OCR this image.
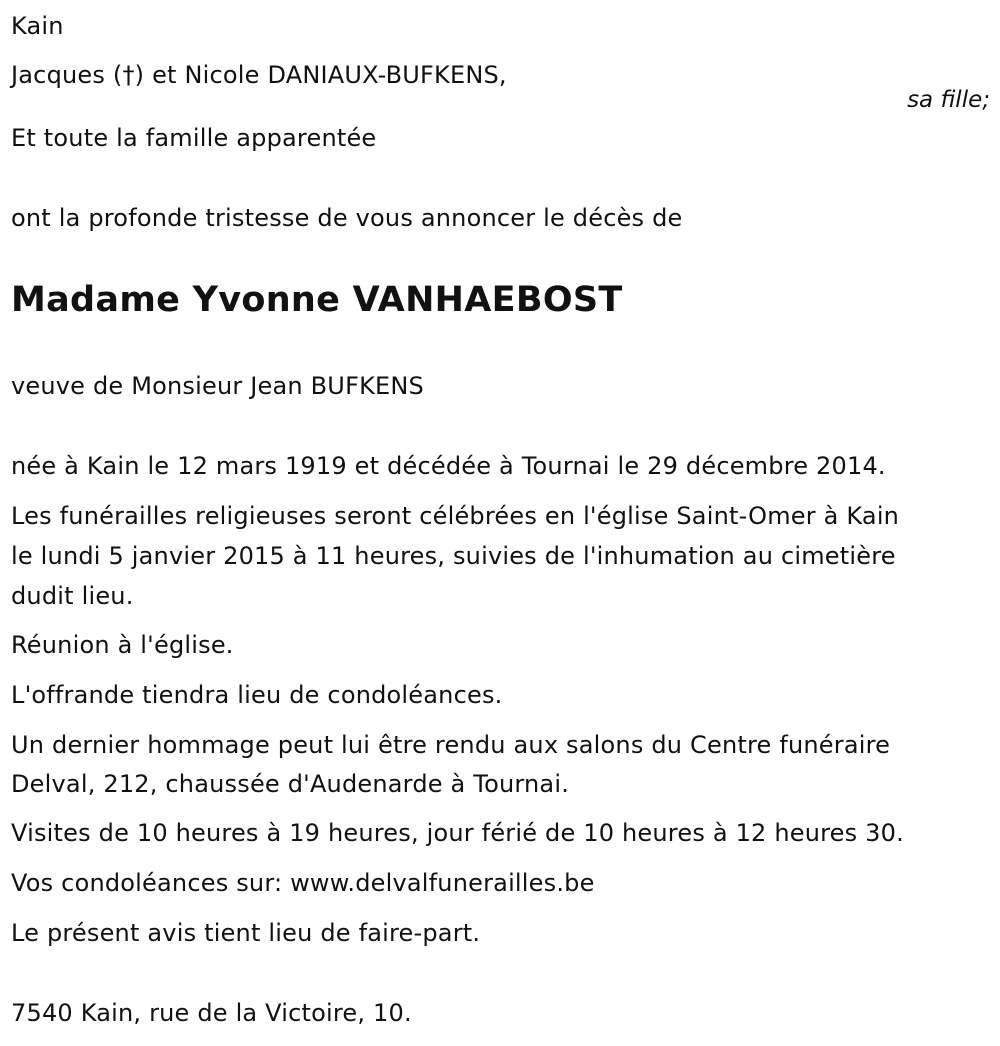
Kain
Jacques (†) et Nicole DANIAUX-BUFKENS,
sa fille;
Et toute la famille apparentée
ont la profonde tristesse de vous annoncer le décès de
Madame Yvonne VANHAEBOST
veuve de Monsieur Jean BUFKENS
née à Kain le 12 mars 1919 et décédée à Tournai le 29 décembre 2014.
Les funérailles religieuses seront célébrées en l'église Saint-Omer à Kain
le lundi 5 janvier 2015 à 11 heures, suivies de l'inhumation au cimetière
dudit lieu.
Réunion à l'église.
L'offrande tiendra lieu de condoléances.
Un dernier hommage peut lui être rendu aux salons du Centre funéraire
Delval, 212, chaussée d'Audenarde à Tournai.
Visites de 10 heures à 19 heures, jour férié de 10 heures à 12 heures 30.
Vos condoléances sur: www.delvalfunerailles.be
Le présent avis tient lieu de faire-part.
7540 Kain, rue de la Victoire, 10.
